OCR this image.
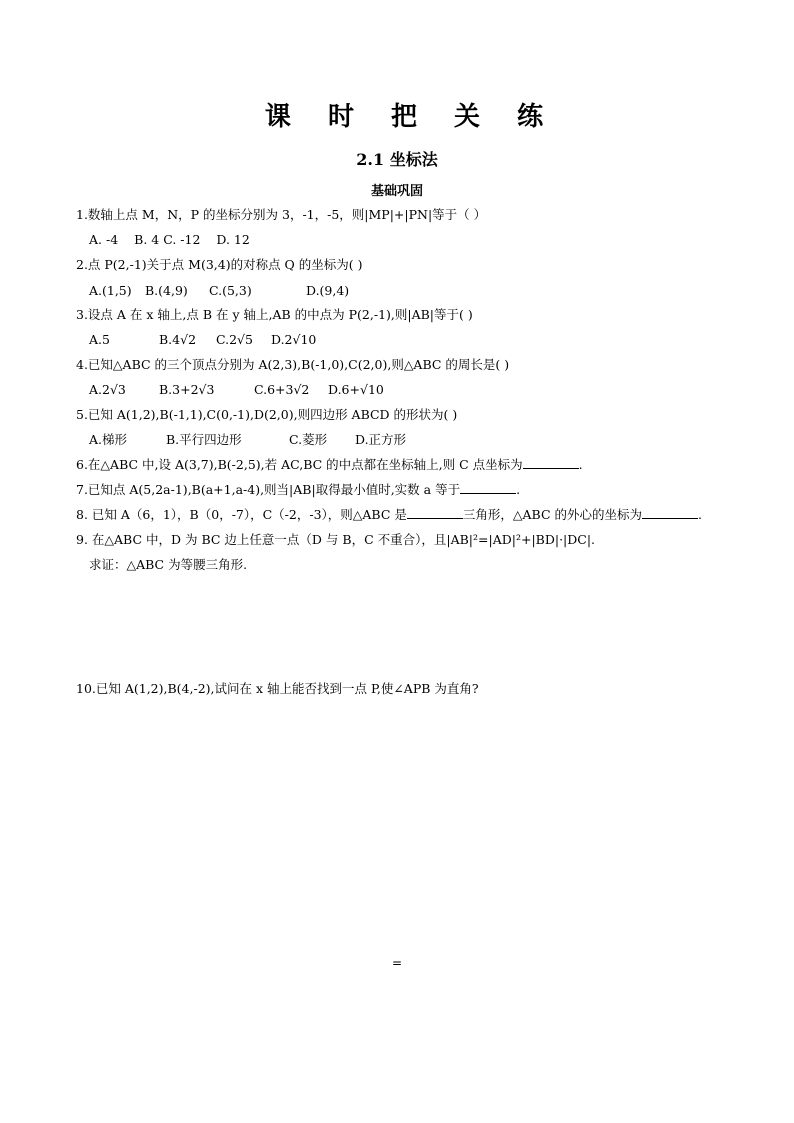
课 时 把 关 练
2.1 坐标法
基础巩固
1.数轴上点 M，N，P 的坐标分别为 3，-1，-5，则|MP|+|PN|等于（ ）
A. -4 B. 4 C. -12 D. 12
2.点 P(2,-1)关于点 M(3,4)的对称点 Q 的坐标为( )
A.(1,5) B.(4,9) C.(5,3)	D.(9,4)
3.设点 A 在 x 轴上,点 B 在 y 轴上,AB 的中点为 P(2,-1),则|AB|等于( )
A.5	B.4√2 C.2√5 D.2√10
4.已知△ABC 的三个顶点分别为 A(2,3),B(-1,0),C(2,0),则△ABC 的周长是( )
A.2√3	B.3+2√3	C.6+3√2 D.6+√10
5.已知 A(1,2),B(-1,1),C(0,-1),D(2,0),则四边形 ABCD 的形状为( )
A.梯形	B.平行四边形	C.菱形 D.正方形
6.在△ABC 中,设 A(3,7),B(-2,5),若 AC,BC 的中点都在坐标轴上,则 C 点坐标为	.
7.已知点 A(5,2a-1),B(a+1,a-4),则当|AB|取得最小值时,实数 a 等于	.
8. 已知 A（6，1），B（0，-7），C（-2，-3），则△ABC 是	三角形，△ABC 的外心的坐标为	.
9. 在△ABC 中，D 为 BC 边上任意一点（D 与 B，C 不重合），且|AB|²=|AD|²+|BD|·|DC|.
求证：△ABC 为等腰三角形.
10.已知 A(1,2),B(4,-2),试问在 x 轴上能否找到一点 P,使∠APB 为直角?
=
